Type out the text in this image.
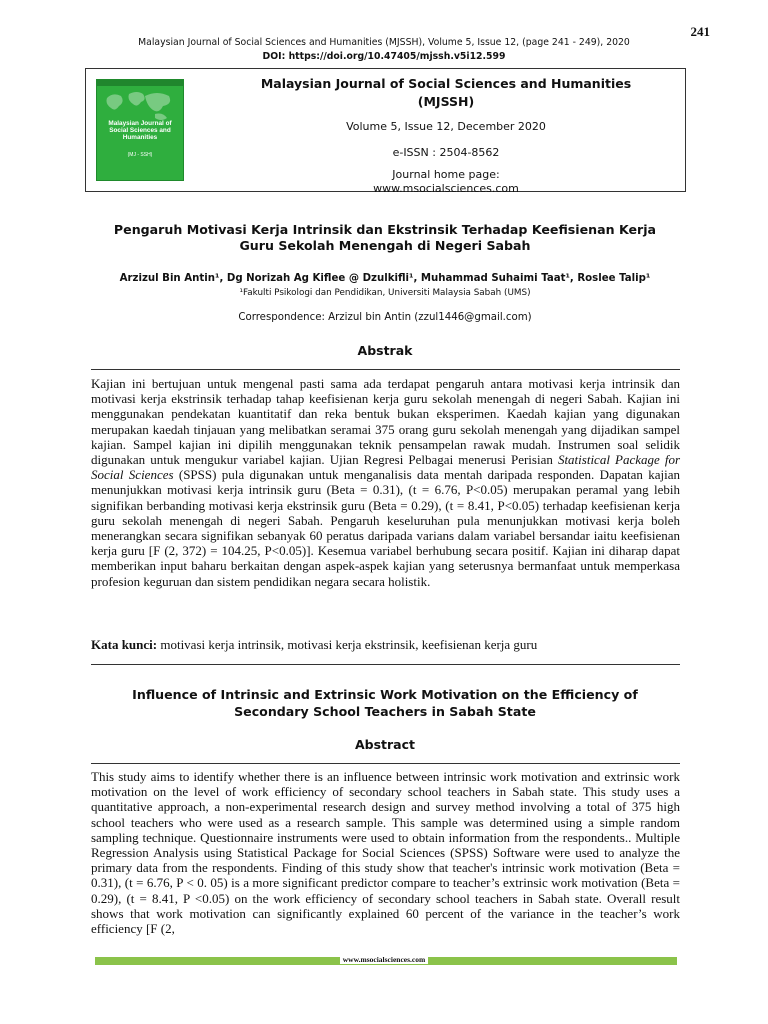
241
Malaysian Journal of Social Sciences and Humanities (MJSSH), Volume 5, Issue 12, (page 241 - 249), 2020
DOI: https://doi.org/10.47405/mjssh.v5i12.599
Malaysian Journal of Social Sciences and Humanities
(MJ - SSH)
Malaysian Journal of Social Sciences and Humanities (MJSSH)
Volume 5, Issue 12, December 2020
e-ISSN : 2504-8562
Journal home page:
www.msocialsciences.com
Pengaruh Motivasi Kerja Intrinsik dan Ekstrinsik Terhadap Keefisienan Kerja
Guru Sekolah Menengah di Negeri Sabah
Arzizul Bin Antin¹, Dg Norizah Ag Kiflee @ Dzulkifli¹, Muhammad Suhaimi Taat¹, Roslee Talip¹
¹Fakulti Psikologi dan Pendidikan, Universiti Malaysia Sabah (UMS)
Correspondence: Arzizul bin Antin (zzul1446@gmail.com)
Abstrak

Kajian ini bertujuan untuk mengenal pasti sama ada terdapat pengaruh antara motivasi kerja intrinsik dan motivasi kerja ekstrinsik terhadap tahap keefisienan kerja guru sekolah menengah di negeri Sabah. Kajian ini menggunakan pendekatan kuantitatif dan reka bentuk bukan eksperimen. Kaedah kajian yang digunakan merupakan kaedah tinjauan yang melibatkan seramai 375 orang guru sekolah menengah yang dijadikan sampel kajian. Sampel kajian ini dipilih menggunakan teknik pensampelan rawak mudah. Instrumen soal selidik digunakan untuk mengukur variabel kajian. Ujian Regresi Pelbagai menerusi Perisian Statistical Package for Social Sciences (SPSS) pula digunakan untuk menganalisis data mentah daripada responden. Dapatan kajian menunjukkan motivasi kerja intrinsik guru (Beta = 0.31), (t = 6.76, P<0.05) merupakan peramal yang lebih signifikan berbanding motivasi kerja ekstrinsik guru (Beta = 0.29), (t = 8.41, P<0.05) terhadap keefisienan kerja guru sekolah menengah di negeri Sabah. Pengaruh keseluruhan pula menunjukkan motivasi kerja boleh menerangkan secara signifikan sebanyak 60 peratus daripada varians dalam variabel bersandar iaitu keefisienan kerja guru [F (2, 372) = 104.25, P<0.05)]. Kesemua variabel berhubung secara positif. Kajian ini diharap dapat memberikan input baharu berkaitan dengan aspek-aspek kajian yang seterusnya bermanfaat untuk memperkasa profesion keguruan dan sistem pendidikan negara secara holistik.

Kata kunci: motivasi kerja intrinsik, motivasi kerja ekstrinsik, keefisienan kerja guru
Influence of Intrinsic and Extrinsic Work Motivation on the Efficiency of
Secondary School Teachers in Sabah State
Abstract

This study aims to identify whether there is an influence between intrinsic work motivation and extrinsic work motivation on the level of work efficiency of secondary school teachers in Sabah state. This study uses a quantitative approach, a non-experimental research design and survey method involving a total of 375 high school teachers who were used as a research sample. This sample was determined using a simple random sampling technique. Questionnaire instruments were used to obtain information from the respondents.. Multiple Regression Analysis using Statistical Package for Social Sciences (SPSS) Software were used to analyze the primary data from the respondents. Finding of this study show that teacher's intrinsic work motivation (Beta = 0.31), (t = 6.76, P < 0. 05) is a more significant predictor compare to teacher’s extrinsic work motivation (Beta = 0.29), (t = 8.41, P <0.05) on the work efficiency of secondary school teachers in Sabah state. Overall result shows that work motivation can significantly explained 60 percent of the variance in the teacher’s work efficiency [F (2,

www.msocialsciences.com
